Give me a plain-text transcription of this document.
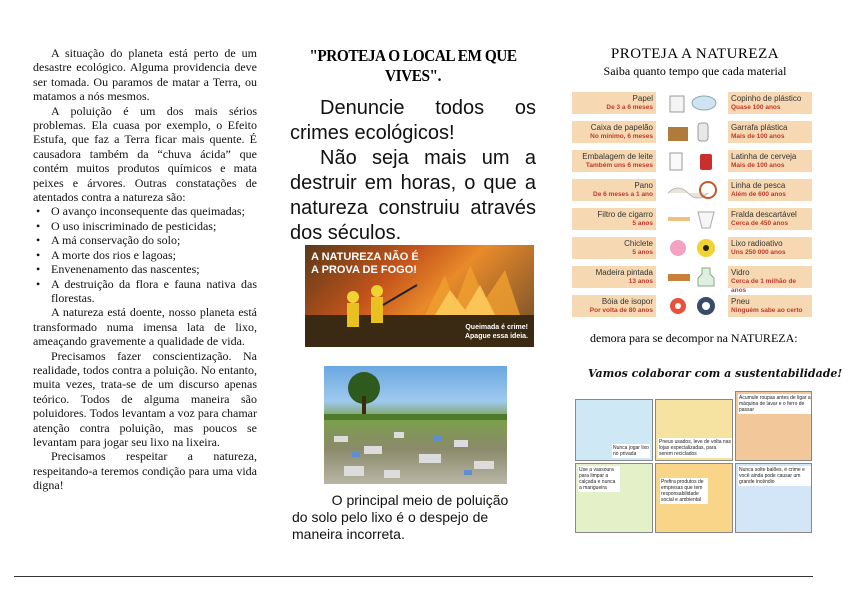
A situação do planeta está perto de um desastre ecológico. Alguma providencia deve ser tomada. Ou paramos de matar a Terra, ou matamos a nós mesmos.

A poluição é um dos mais sérios problemas. Ela cuasa por exemplo, o Efeito Estufa, que faz a Terra ficar mais quente. É causadora também da “chuva ácida” que contém muitos produtos químicos e mata peixes e árvores. Outras constatações de atentados contra a natureza são:

• O avanço inconsequente das queimadas;
• O uso iniscriminado de pesticidas;
• A má conservação do solo;
• A morte dos rios e lagoas;
• Envenenamento das nascentes;
• A destruição da flora e fauna nativa das florestas.

A natureza está doente, nosso planeta está transformado numa imensa lata de lixo, ameaçando gravemente a qualidade de vida.

Precisamos fazer conscientização. Na realidade, todos contra a poluição. No entanto, muita vezes, trata-se de um discurso apenas teórico. Todos de alguma maneira são poluidores. Todos levantam a voz para chamar atenção contra poluição, mas poucos se levantam para jogar seu lixo na lixeira.

Precisamos respeitar a natureza, respeitando-a teremos condição para uma vida digna!

"PROTEJA O LOCAL EM QUE VIVES".

Denuncie todos os crimes ecológicos!

Não seja mais um a destruir em horas, o que a natureza construiu através dos séculos.

A NATUREZA NÃO É A PROVA DE FOGO!
Queimada é crime! Apague essa ideia.
O principal meio de poluição
do solo pelo lixo é o despejo de
maneira incorreta.

PROTEJA A NATUREZA

Saiba quanto tempo que cada material

Papel
De 3 a 6 meses
Copinho de plástico
Quase 100 anos
Caixa de papelão
No mínimo, 6 meses
Garrafa plástica
Mais de 100 anos
Embalagem de leite
Também uns 6 meses
Latinha de cerveja
Mais de 100 anos
Pano
De 6 meses a 1 ano
Linha de pesca
Além de 600 anos
Filtro de cigarro
5 anos
Fralda descartável
Cerca de 450 anos
Chiclete
5 anos
Lixo radioativo
Uns 250 000 anos
Madeira pintada
13 anos
Vidro
Cerca de 1 milhão de anos
Bóia de isopor
Por volta de 80 anos
Pneu
Ninguém sabe ao certo
demora para se decompor na NATUREZA:
Vamos colaborar com a sustentabilidade!
Nunca jogar lixo no privada
Pneus usados, leve de volta nas lojas especializadas, para serem reciclados
Acumule roupas antes de ligar a máquina de lavar e o ferro de passar
Use a vassoura para limpar a calçada e nunca a mangueira
Prefira produtos de empresas que tem responsabilidade social e ambiental
Nunca solte balões, é crime e você ainda pode causar um grande incêndio
